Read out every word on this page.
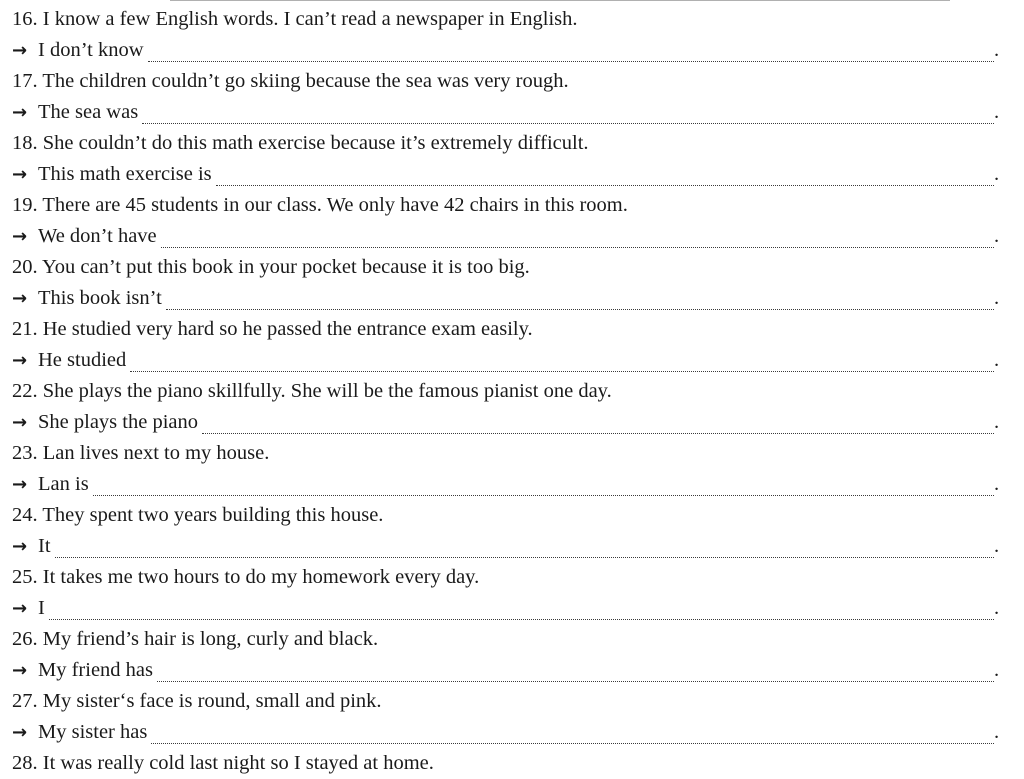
16. I know a few English words. I can’t read a newspaper in English.
→ I don’t know	.
17. The children couldn’t go skiing because the sea was very rough.
→ The sea was	.
18. She couldn’t do this math exercise because it’s extremely difficult.
→ This math exercise is	.
19. There are 45 students in our class. We only have 42 chairs in this room.
→ We don’t have	.
20. You can’t put this book in your pocket because it is too big.
→ This book isn’t	.
21. He studied very hard so he passed the entrance exam easily.
→ He studied	.
22. She plays the piano skillfully. She will be the famous pianist one day.
→ She plays the piano	.
23. Lan lives next to my house.
→ Lan is	.
24. They spent two years building this house.
→ It	.
25. It takes me two hours to do my homework every day.
→ I	.
26. My friend’s hair is long, curly and black.
→ My friend has	.
27. My sister‘s face is round, small and pink.
→ My sister has	.
28. It was really cold last night so I stayed at home.
